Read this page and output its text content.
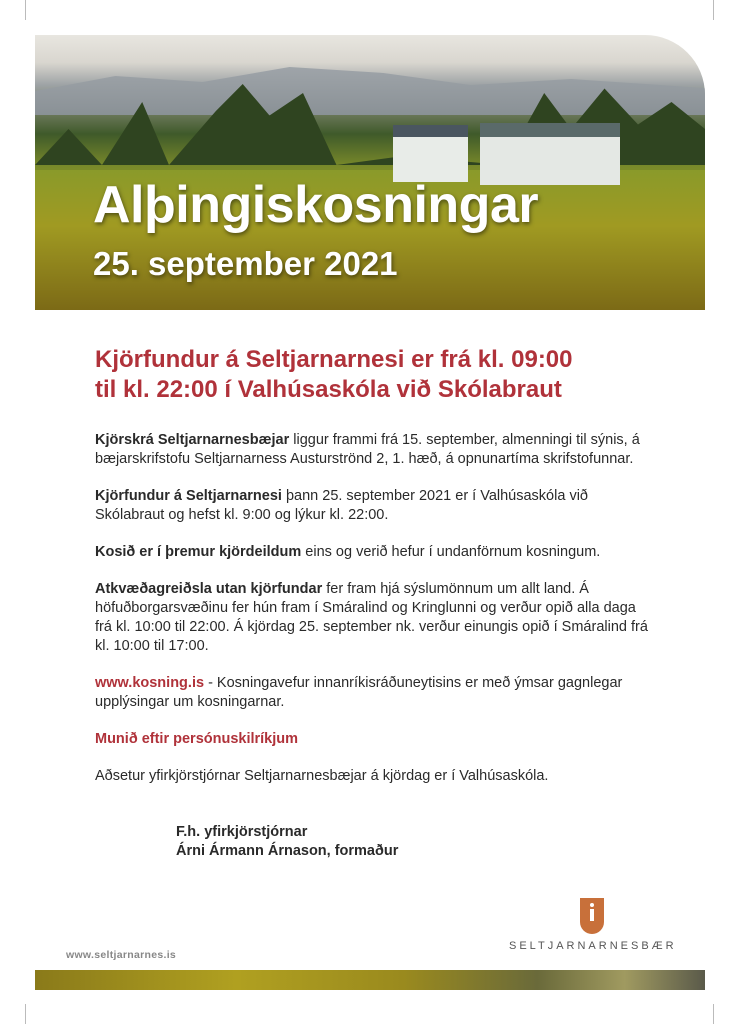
Alþingiskosningar
25. september 2021
Kjörfundur á Seltjarnarnesi er frá kl. 09:00
til kl. 22:00 í Valhúsaskóla við Skólabraut

Kjörskrá Seltjarnarnesbæjar liggur frammi frá 15. september, almenningi til sýnis, á bæjarskrifstofu Seltjarnarness Austurströnd 2, 1. hæð, á opnunartíma skrifstofunnar.

Kjörfundur á Seltjarnarnesi þann 25. september 2021 er í Valhúsaskóla við Skólabraut og hefst kl. 9:00 og lýkur kl. 22:00.

Kosið er í þremur kjördeildum eins og verið hefur í undanförnum kosningum.

Atkvæðagreiðsla utan kjörfundar fer fram hjá sýslumönnum um allt land. Á höfuðborgarsvæðinu fer hún fram í Smáralind og Kringlunni og verður opið alla daga frá kl. 10:00 til 22:00. Á kjördag 25. september nk. verður einungis opið í Smáralind frá kl. 10:00 til 17:00.

www.kosning.is - Kosningavefur innanríkisráðuneytisins er með ýmsar gagnlegar upplýsingar um kosningarnar.

Munið eftir persónuskilríkjum

Aðsetur yfirkjörstjórnar Seltjarnarnesbæjar á kjördag er í Valhúsaskóla.

F.h. yfirkjörstjórnar
Árni Ármann Árnason, formaður
www.seltjarnarnes.is
SELTJARNARNESBÆR
